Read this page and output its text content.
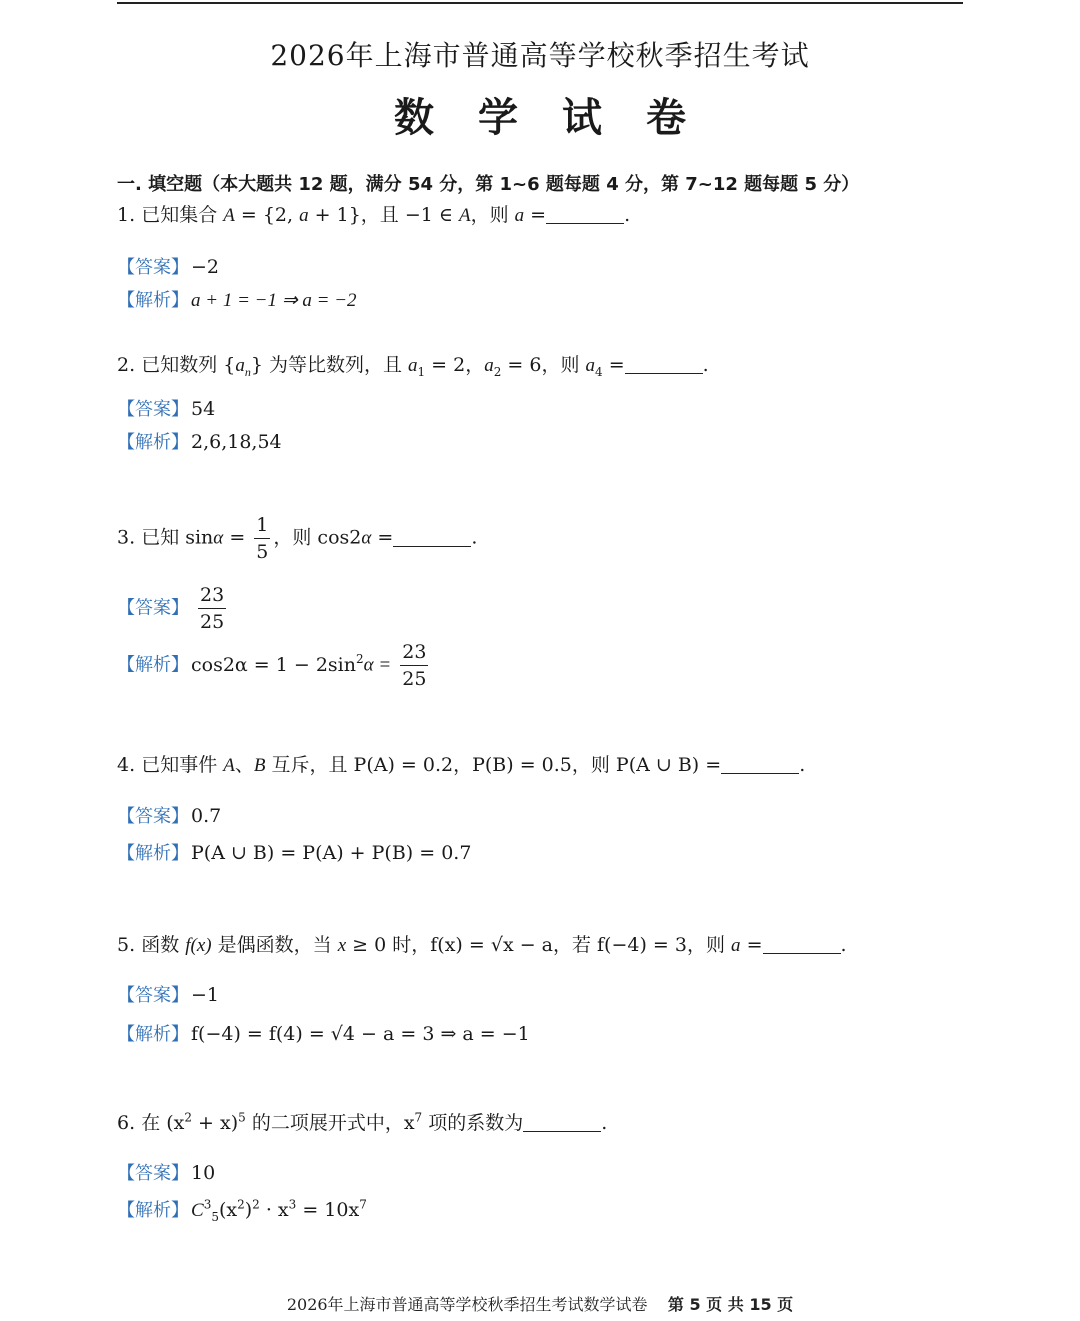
2026年上海市普通高等学校秋季招生考试
数学试卷
一. 填空题（本大题共 12 题，满分 54 分，第 1~6 题每题 4 分，第 7~12 题每题 5 分）
1. 已知集合 A = {2, a + 1}，且 −1 ∈ A，则 a =	.
【答案】 −2
【解析】 a + 1 = −1 ⇒ a = −2
2. 已知数列 $\{a_n\}$ 为等比数列，且 $a_1 = 2$，$a_2 = 6$，则 $a_4$ =	.
【答案】 54
【解析】 2,6,18,54
3. 已知 $\sin\alpha = \frac{1}{5}$ ，则 cos2α =	.
【答案】 $\frac{23}{25}$
【解析】 $\cos 2\alpha = 1 - 2\sin^2\alpha = \frac{23}{25}$
4. 已知事件 A、B 互斥，且 P(A) = 0.2，P(B) = 0.5，则 P(A ∪ B) =	.
【答案】 0.7
【解析】 P(A ∪ B) = P(A) + P(B) = 0.7
5. 函数 f(x) 是偶函数，当 x ≥ 0 时，f(x) = √x − a，若 f(−4) = 3，则 a =	.
【答案】 −1
【解析】 f(−4) = f(4) = √4 − a = 3 ⇒ a = −1
6. 在 $(x^2 + x)^5$ 的二项展开式中，$x^7$ 项的系数为	.
【答案】 10
【解析】 $C^3_5(x^2)^2 \cdot x^3 = 10x^7$
2026年上海市普通高等学校秋季招生考试数学试卷 第 5 页 共 15 页
